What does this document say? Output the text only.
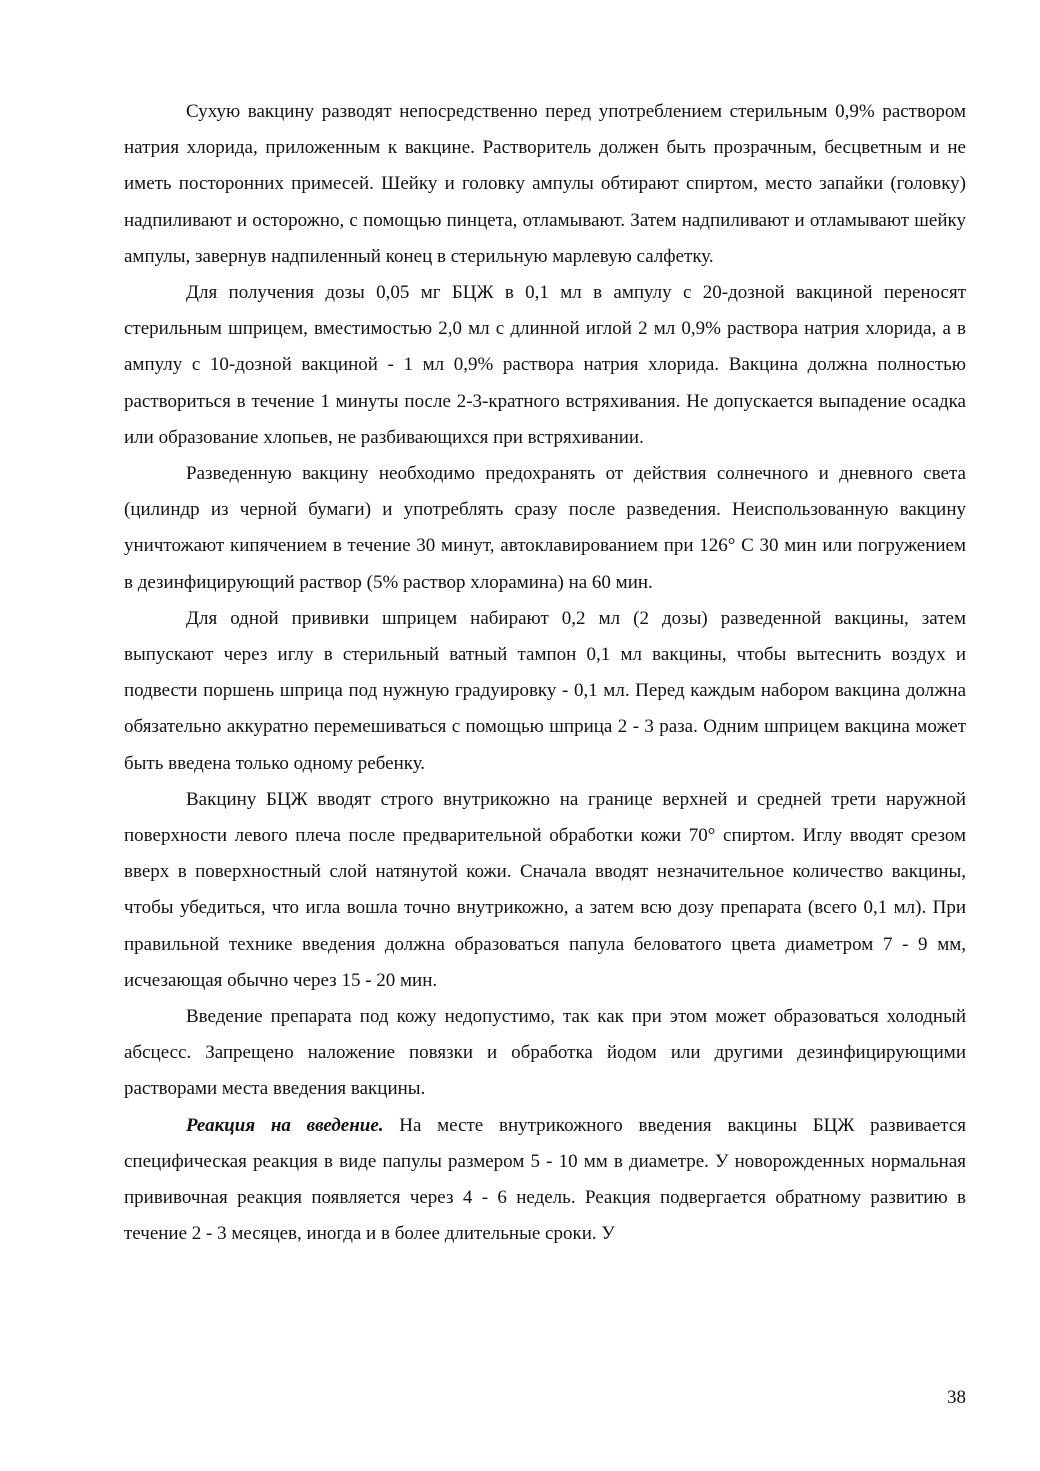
Сухую вакцину разводят непосредственно перед употреблением стерильным 0,9% раствором натрия хлорида, приложенным к вакцине. Растворитель должен быть прозрачным, бесцветным и не иметь посторонних примесей. Шейку и головку ампулы обтирают спиртом, место запайки (головку) надпиливают и осторожно, с помощью пинцета, отламывают. Затем надпиливают и отламывают шейку ампулы, завернув надпиленный конец в стерильную марлевую салфетку.

Для получения дозы 0,05 мг БЦЖ в 0,1 мл в ампулу с 20-дозной вакциной переносят стерильным шприцем, вместимостью 2,0 мл с длинной иглой 2 мл 0,9% раствора натрия хлорида, а в ампулу с 10-дозной вакциной - 1 мл 0,9% раствора натрия хлорида. Вакцина должна полностью раствориться в течение 1 минуты после 2-3-кратного встряхивания. Не допускается выпадение осадка или образование хлопьев, не разбивающихся при встряхивании.

Разведенную вакцину необходимо предохранять от действия солнечного и дневного света (цилиндр из черной бумаги) и употреблять сразу после разведения. Неиспользованную вакцину уничтожают кипячением в течение 30 минут, автоклавированием при 126° С 30 мин или погружением в дезинфицирующий раствор (5% раствор хлорамина) на 60 мин.

Для одной прививки шприцем набирают 0,2 мл (2 дозы) разведенной вакцины, затем выпускают через иглу в стерильный ватный тампон 0,1 мл вакцины, чтобы вытеснить воздух и подвести поршень шприца под нужную градуировку - 0,1 мл. Перед каждым набором вакцина должна обязательно аккуратно перемешиваться с помощью шприца 2 - 3 раза. Одним шприцем вакцина может быть введена только одному ребенку.

Вакцину БЦЖ вводят строго внутрикожно на границе верхней и средней трети наружной поверхности левого плеча после предварительной обработки кожи 70° спиртом. Иглу вводят срезом вверх в поверхностный слой натянутой кожи. Сначала вводят незначительное количество вакцины, чтобы убедиться, что игла вошла точно внутрикожно, а затем всю дозу препарата (всего 0,1 мл). При правильной технике введения должна образоваться папула беловатого цвета диаметром 7 - 9 мм, исчезающая обычно через 15 - 20 мин.

Введение препарата под кожу недопустимо, так как при этом может образоваться холодный абсцесс. Запрещено наложение повязки и обработка йодом или другими дезинфицирующими растворами места введения вакцины.

Реакция на введение. На месте внутрикожного введения вакцины БЦЖ развивается специфическая реакция в виде папулы размером 5 - 10 мм в диаметре. У новорожденных нормальная прививочная реакция появляется через 4 - 6 недель. Реакция подвергается обратному развитию в течение 2 - 3 месяцев, иногда и в более длительные сроки. У

38
